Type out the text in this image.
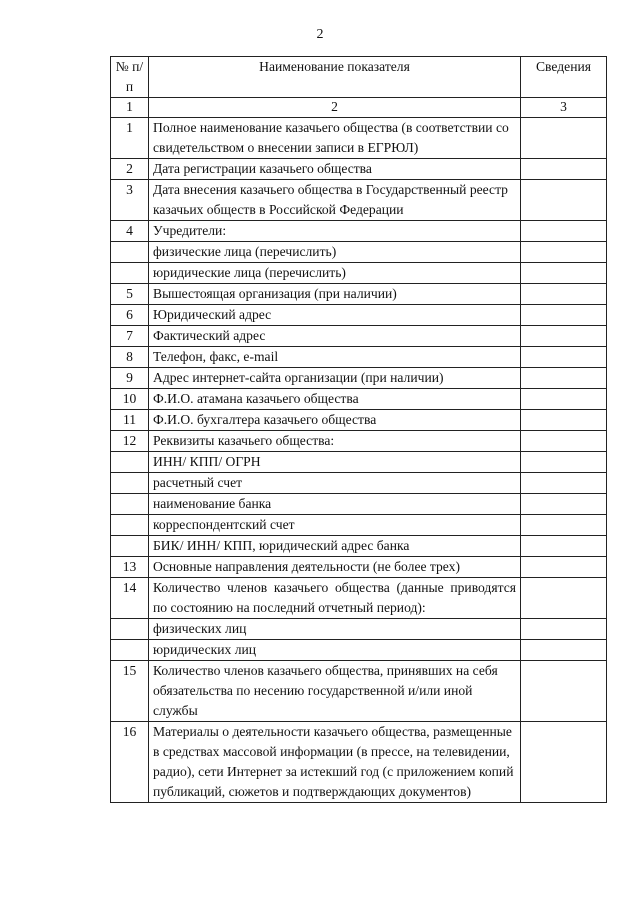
2
№ п/п	Наименование показателя	Сведения
1	2	3
1	Полное наименование казачьего общества (в соответствии со свидетельством о внесении записи в ЕГРЮЛ)	
2	Дата регистрации казачьего общества	
3	Дата внесения казачьего общества в Государственный реестр казачьих обществ в Российской Федерации	
4	Учредители:	
	физические лица (перечислить)	
	юридические лица (перечислить)	
5	Вышестоящая организация (при наличии)	
6	Юридический адрес	
7	Фактический адрес	
8	Телефон, факс, e-mail	
9	Адрес интернет-сайта организации (при наличии)	
10	Ф.И.О. атамана казачьего общества	
11	Ф.И.О. бухгалтера казачьего общества	
12	Реквизиты казачьего общества:	
	ИНН/ КПП/ ОГРН	
	расчетный счет	
	наименование банка	
	корреспондентский счет	
	БИК/ ИНН/ КПП, юридический адрес банка	
13	Основные направления деятельности (не более трех)	
14	Количество членов казачьего общества (данные приводятся по состоянию на последний отчетный период):	
	физических лиц	
	юридических лиц	
15	Количество членов казачьего общества, принявших на себя обязательства по несению государственной и/или иной службы	
16	Материалы о деятельности казачьего общества, размещенные в средствах массовой информации (в прессе, на телевидении, радио), сети Интернет за истекший год (с приложением копий публикаций, сюжетов и подтверждающих документов)	
